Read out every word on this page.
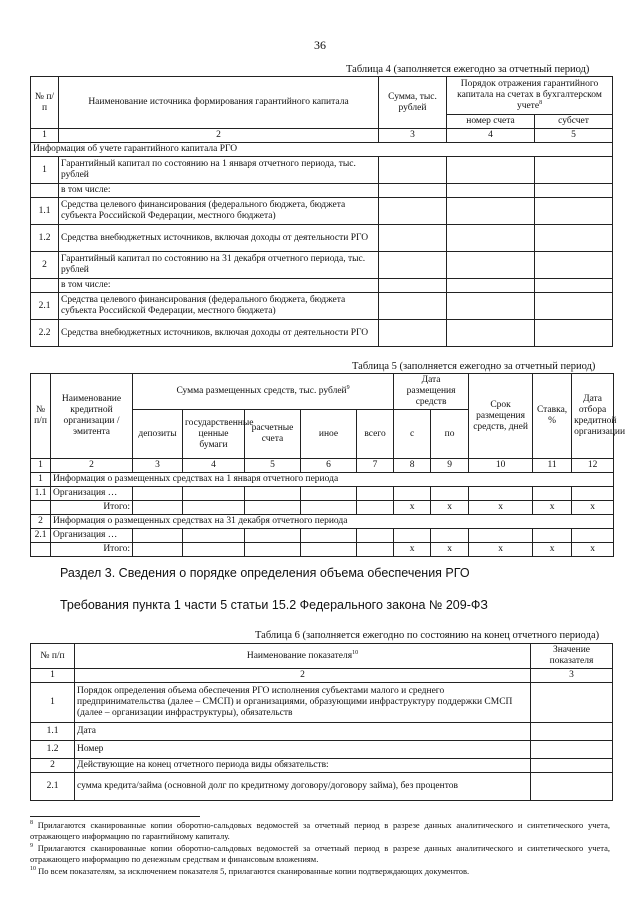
36
Таблица 4 (заполняется ежегодно за отчетный период)
№ п/п	Наименование источника формирования гарантийного капитала	Сумма, тыс. рублей	Порядок отражения гарантийного капитала на счетах в бухгалтерском учете$^8$
			номер счета	субсчет
1	2	3	4	5
Информация об учете гарантийного капитала РГО				
1	Гарантийный капитал по состоянию на 1 января отчетного периода, тыс. рублей			
	в том числе:			
1.1	Средства целевого финансирования (федерального бюджета, бюджета субъекта Российской Федерации, местного бюджета)			
1.2	Средства внебюджетных источников, включая доходы от деятельности РГО			
2	Гарантийный капитал по состоянию на 31 декабря отчетного периода, тыс. рублей			
	в том числе:			
2.1	Средства целевого финансирования (федерального бюджета, бюджета субъекта Российской Федерации, местного бюджета)			
2.2	Средства внебюджетных источников, включая доходы от деятельности РГО			
Таблица 5 (заполняется ежегодно за отчетный период)
№ п/п	Наименование кредитной организации / эмитента	Сумма размещенных средств, тыс. рублей$^9$					Дата размещения средств		Срок размещения средств, дней	Ставка, %	Дата отбора кредитной организации
		депозиты	государственные ценные бумаги	расчетные счета	иное	всего	с	по			
1	2	3	4	5	6	7	8	9	10	11	12
1	Информация о размещенных средствах на 1 января отчетного периода										
1.1	Организация …										
	Итого:						x	x	x	x	x
2	Информация о размещенных средствах на 31 декабря отчетного периода										
2.1	Организация …										
	Итого:						x	x	x	x	x
Раздел 3. Сведения о порядке определения объема обеспечения РГО
Требования пункта 1 части 5 статьи 15.2 Федерального закона № 209-ФЗ
Таблица 6 (заполняется ежегодно по состоянию на конец отчетного периода)
№ п/п	Наименование показателя$^{10}$	Значение показателя
1	2	3
1	Порядок определения объема обеспечения РГО исполнения субъектами малого и среднего предпринимательства (далее – СМСП) и организациями, образующими инфраструктуру поддержки СМСП (далее – организации инфраструктуры), обязательств	
1.1	Дата	
1.2	Номер	
2	Действующие на конец отчетного периода виды обязательств:	
2.1	сумма кредита/займа (основной долг по кредитному договору/договору займа), без процентов	
$^8$ Прилагаются сканированные копии оборотно-сальдовых ведомостей за отчетный период в разрезе данных аналитического и синтетического учета, отражающего информацию по гарантийному капиталу.
$^9$ Прилагаются сканированные копии оборотно-сальдовых ведомостей за отчетный период в разрезе данных аналитического и синтетического учета, отражающего информацию по денежным средствам и финансовым вложениям.
$^{10}$ По всем показателям, за исключением показателя 5, прилагаются сканированные копии подтверждающих документов.
